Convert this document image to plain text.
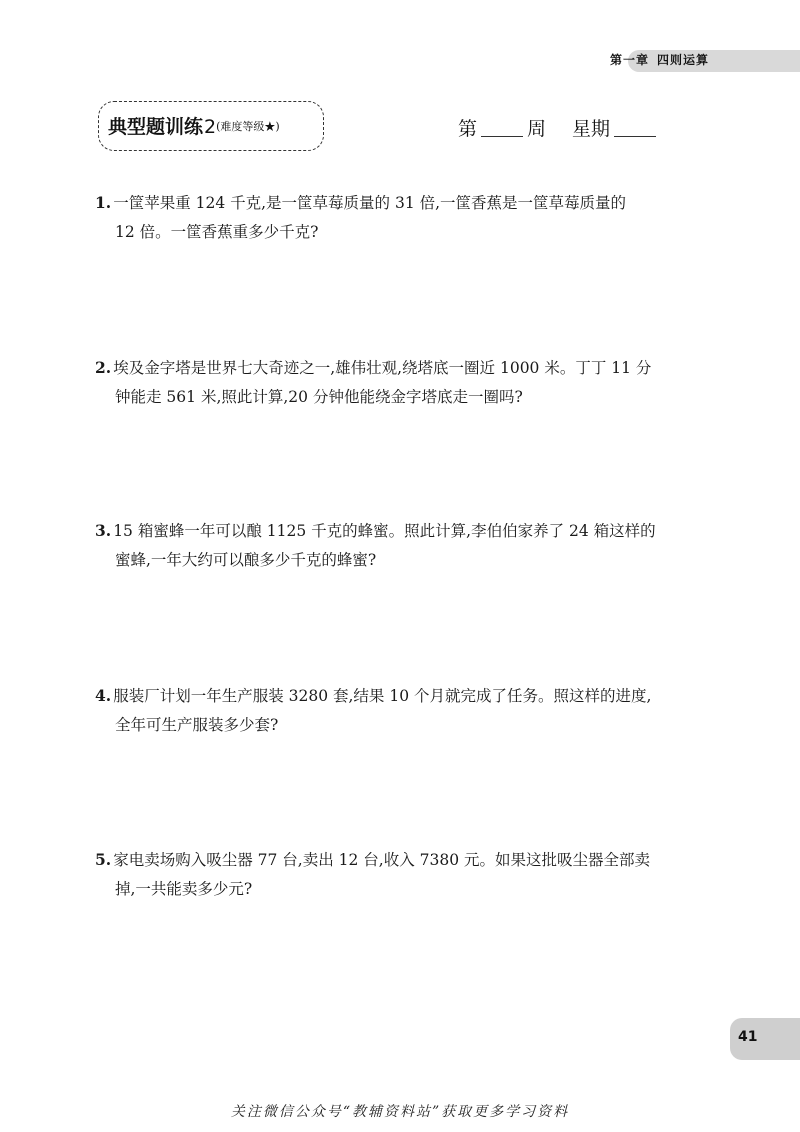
第一章 四则运算
典型题训练2(难度等级★)	第	周 星期
1. 一筐苹果重 124 千克,是一筐草莓质量的 31 倍,一筐香蕉是一筐草莓质量的
12 倍。一筐香蕉重多少千克?
2. 埃及金字塔是世界七大奇迹之一,雄伟壮观,绕塔底一圈近 1000 米。丁丁 11 分
钟能走 561 米,照此计算,20 分钟他能绕金字塔底走一圈吗?
3. 15 箱蜜蜂一年可以酿 1125 千克的蜂蜜。照此计算,李伯伯家养了 24 箱这样的
蜜蜂,一年大约可以酿多少千克的蜂蜜?
4. 服装厂计划一年生产服装 3280 套,结果 10 个月就完成了任务。照这样的进度,
全年可生产服装多少套?
5. 家电卖场购入吸尘器 77 台,卖出 12 台,收入 7380 元。如果这批吸尘器全部卖
掉,一共能卖多少元?
41
关注微信公众号“教辅资料站”获取更多学习资料
